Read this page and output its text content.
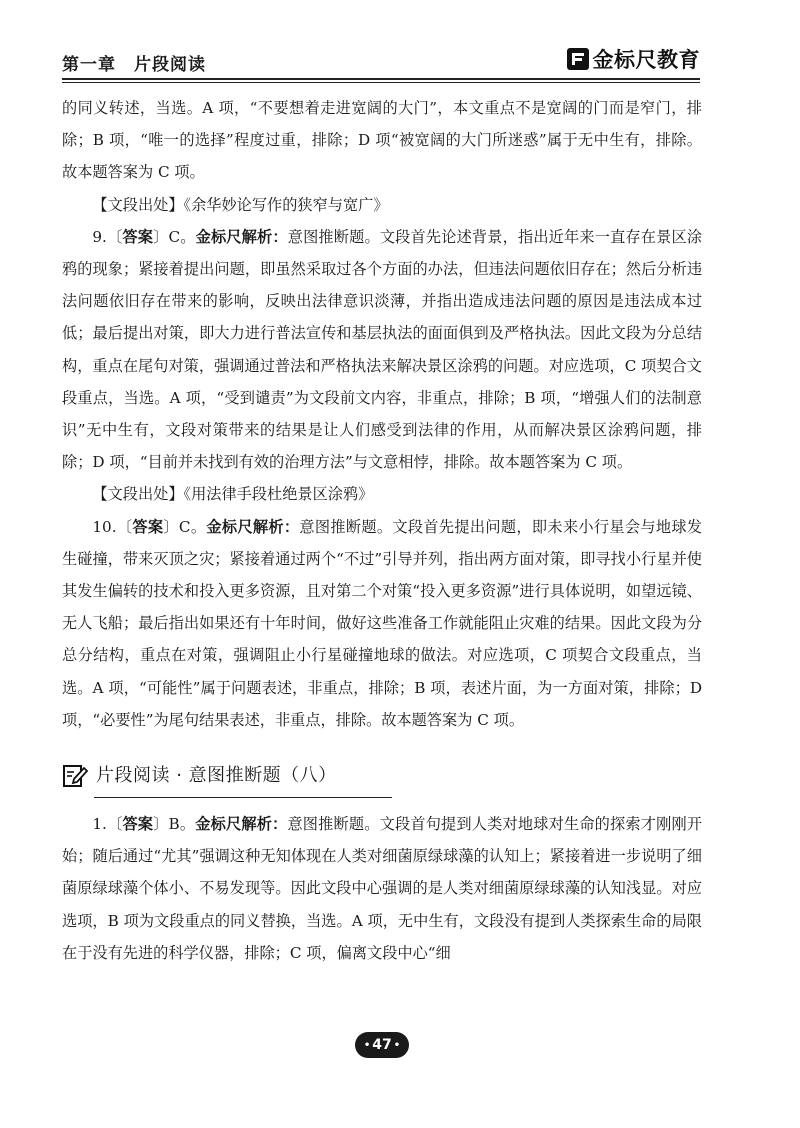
第一章　片段阅读	金标尺教育

的同义转述，当选。A 项，“不要想着走进宽阔的大门”，本文重点不是宽阔的门而是窄门，排除；B 项，“唯一的选择”程度过重，排除；D 项“被宽阔的大门所迷惑”属于无中生有，排除。故本题答案为 C 项。

【文段出处】《余华妙论写作的狭窄与宽广》

9.〔答案〕C。金标尺解析：意图推断题。文段首先论述背景，指出近年来一直存在景区涂鸦的现象；紧接着提出问题，即虽然采取过各个方面的办法，但违法问题依旧存在；然后分析违法问题依旧存在带来的影响，反映出法律意识淡薄，并指出造成违法问题的原因是违法成本过低；最后提出对策，即大力进行普法宣传和基层执法的面面俱到及严格执法。因此文段为分总结构，重点在尾句对策，强调通过普法和严格执法来解决景区涂鸦的问题。对应选项，C 项契合文段重点，当选。A 项，“受到谴责”为文段前文内容，非重点，排除；B 项，“增强人们的法制意识”无中生有，文段对策带来的结果是让人们感受到法律的作用，从而解决景区涂鸦问题，排除；D 项，“目前并未找到有效的治理方法”与文意相悖，排除。故本题答案为 C 项。

【文段出处】《用法律手段杜绝景区涂鸦》

10.〔答案〕C。金标尺解析：意图推断题。文段首先提出问题，即未来小行星会与地球发生碰撞，带来灭顶之灾；紧接着通过两个“不过”引导并列，指出两方面对策，即寻找小行星并使其发生偏转的技术和投入更多资源，且对第二个对策“投入更多资源”进行具体说明，如望远镜、无人飞船；最后指出如果还有十年时间，做好这些准备工作就能阻止灾难的结果。因此文段为分总分结构，重点在对策，强调阻止小行星碰撞地球的做法。对应选项，C 项契合文段重点，当选。A 项，“可能性”属于问题表述，非重点，排除；B 项，表述片面，为一方面对策，排除；D 项，“必要性”为尾句结果表述，非重点，排除。故本题答案为 C 项。

片段阅读 · 意图推断题（八）

1.〔答案〕B。金标尺解析：意图推断题。文段首句提到人类对地球对生命的探索才刚刚开始；随后通过“尤其”强调这种无知体现在人类对细菌原绿球藻的认知上；紧接着进一步说明了细菌原绿球藻个体小、不易发现等。因此文段中心强调的是人类对细菌原绿球藻的认知浅显。对应选项，B 项为文段重点的同义替换，当选。A 项，无中生有，文段没有提到人类探索生命的局限在于没有先进的科学仪器，排除；C 项，偏离文段中心“细

• 47 •
